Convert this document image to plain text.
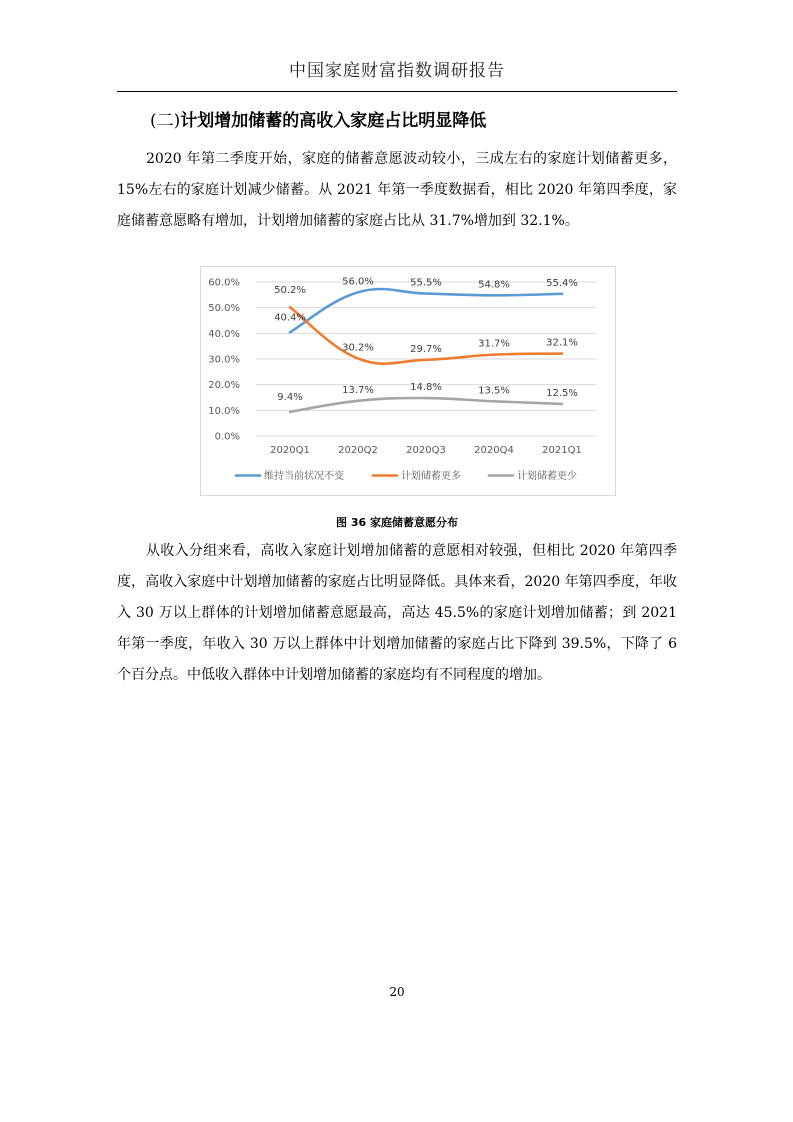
中国家庭财富指数调研报告
(二)计划增加储蓄的高收入家庭占比明显降低

2020 年第二季度开始，家庭的储蓄意愿波动较小，三成左右的家庭计划储蓄更多，15%左右的家庭计划减少储蓄。从 2021 年第一季度数据看，相比 2020 年第四季度，家庭储蓄意愿略有增加，计划增加储蓄的家庭占比从 31.7%增加到 32.1%。

0.0%
10.0%
20.0%
30.0%
40.0%
50.0%
60.0%
2020Q1	2020Q2	2020Q3	2020Q4	2021Q1
40.4%
56.0%	55.5%	54.8%	55.4%
50.2%
30.2%	29.7%	31.7%	32.1%
9.4%
13.7%	14.8%	13.5%	12.5%
维持当前状况不变	计划储蓄更多	计划储蓄更少
图 36 家庭储蓄意愿分布

从收入分组来看，高收入家庭计划增加储蓄的意愿相对较强，但相比 2020 年第四季度，高收入家庭中计划增加储蓄的家庭占比明显降低。具体来看，2020 年第四季度，年收入 30 万以上群体的计划增加储蓄意愿最高，高达 45.5%的家庭计划增加储蓄；到 2021 年第一季度，年收入 30 万以上群体中计划增加储蓄的家庭占比下降到 39.5%，下降了 6 个百分点。中低收入群体中计划增加储蓄的家庭均有不同程度的增加。

20
